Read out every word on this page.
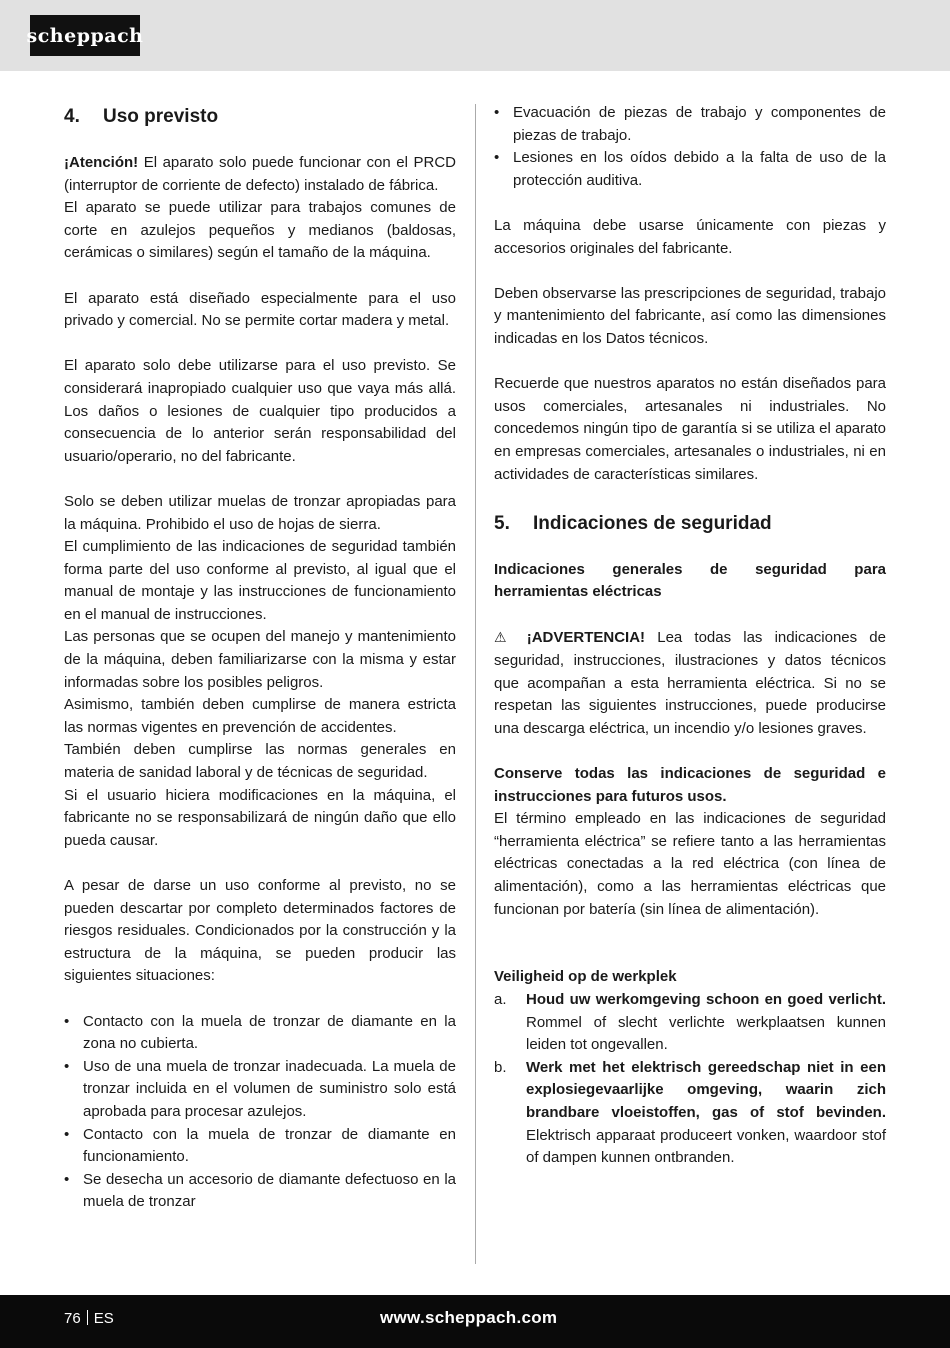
scheppach
4. Uso previsto

¡Atención! El aparato solo puede funcionar con el PRCD (interruptor de corriente de defecto) instalado de fábrica.

El aparato se puede utilizar para trabajos comunes de corte en azulejos pequeños y medianos (baldosas, cerámicas o similares) según el tamaño de la máquina.

El aparato está diseñado especialmente para el uso privado y comercial. No se permite cortar madera y metal.

El aparato solo debe utilizarse para el uso previsto. Se considerará inapropiado cualquier uso que vaya más allá. Los daños o lesiones de cualquier tipo producidos a consecuencia de lo anterior serán responsabilidad del usuario/operario, no del fabricante.

Solo se deben utilizar muelas de tronzar apropiadas para la máquina. Prohibido el uso de hojas de sierra.

El cumplimiento de las indicaciones de seguridad también forma parte del uso conforme al previsto, al igual que el manual de montaje y las instrucciones de funcionamiento en el manual de instrucciones.

Las personas que se ocupen del manejo y mantenimiento de la máquina, deben familiarizarse con la misma y estar informadas sobre los posibles peligros.

Asimismo, también deben cumplirse de manera estricta las normas vigentes en prevención de accidentes.

También deben cumplirse las normas generales en materia de sanidad laboral y de técnicas de seguridad.

Si el usuario hiciera modificaciones en la máquina, el fabricante no se responsabilizará de ningún daño que ello pueda causar.

A pesar de darse un uso conforme al previsto, no se pueden descartar por completo determinados factores de riesgos residuales. Condicionados por la construcción y la estructura de la máquina, se pueden producir las siguientes situaciones:

• Contacto con la muela de tronzar de diamante en la zona no cubierta.
• Uso de una muela de tronzar inadecuada. La muela de tronzar incluida en el volumen de suministro solo está aprobada para procesar azulejos.
• Contacto con la muela de tronzar de diamante en funcionamiento.
• Se desecha un accesorio de diamante defectuoso en la muela de tronzar
• Evacuación de piezas de trabajo y componentes de piezas de trabajo.
• Lesiones en los oídos debido a la falta de uso de la protección auditiva.

La máquina debe usarse únicamente con piezas y accesorios originales del fabricante.

Deben observarse las prescripciones de seguridad, trabajo y mantenimiento del fabricante, así como las dimensiones indicadas en los Datos técnicos.

Recuerde que nuestros aparatos no están diseñados para usos comerciales, artesanales ni industriales. No concedemos ningún tipo de garantía si se utiliza el aparato en empresas comerciales, artesanales o industriales, ni en actividades de características similares.

5. Indicaciones de seguridad

Indicaciones generales de seguridad para herramientas eléctricas

⚠ ¡ADVERTENCIA! Lea todas las indicaciones de seguridad, instrucciones, ilustraciones y datos técnicos que acompañan a esta herramienta eléctrica. Si no se respetan las siguientes instrucciones, puede producirse una descarga eléctrica, un incendio y/o lesiones graves.

Conserve todas las indicaciones de seguridad e instrucciones para futuros usos.

El término empleado en las indicaciones de seguridad “herramienta eléctrica” se refiere tanto a las herramientas eléctricas conectadas a la red eléctrica (con línea de alimentación), como a las herramientas eléctricas que funcionan por batería (sin línea de alimentación).

Veiligheid op de werkplek

a. Houd uw werkomgeving schoon en goed verlicht. Rommel of slecht verlichte werkplaatsen kunnen leiden tot ongevallen.
b. Werk met het elektrisch gereedschap niet in een explosiegevaarlijke omgeving, waarin zich brandbare vloeistoffen, gas of stof bevinden. Elektrisch apparaat produceert vonken, waardoor stof of dampen kunnen ontbranden.
76 ES	www.scheppach.com
